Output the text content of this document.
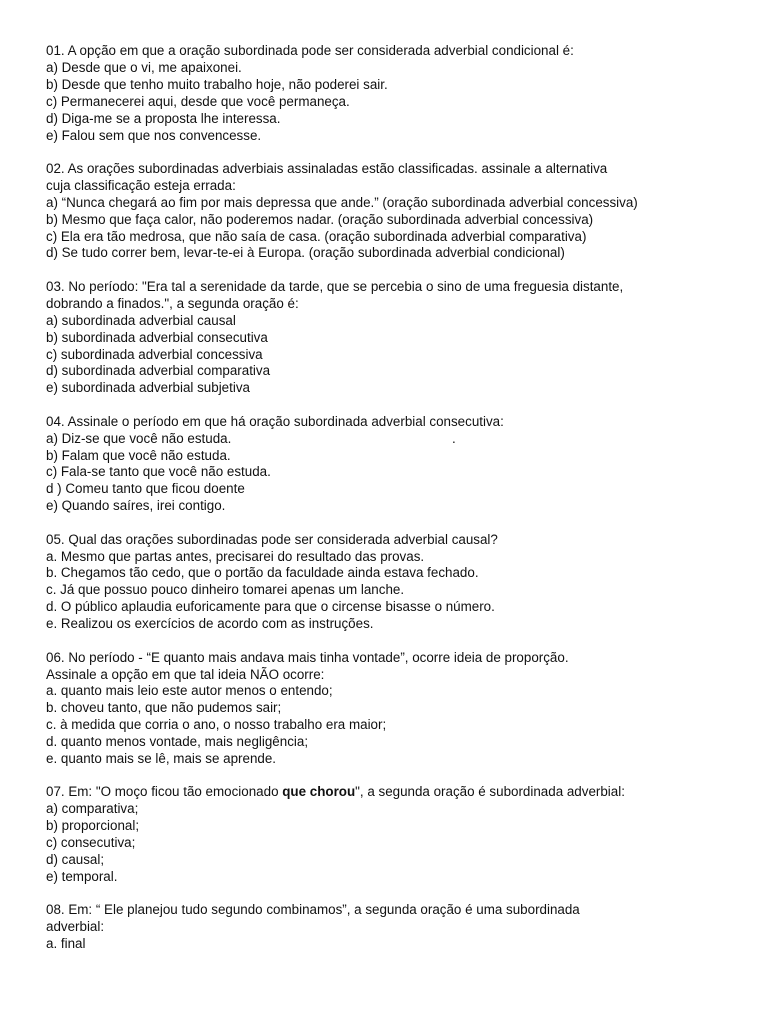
01. A opção em que a oração subordinada pode ser considerada adverbial condicional é:
a) Desde que o vi, me apaixonei.
b) Desde que tenho muito trabalho hoje, não poderei sair.
c) Permanecerei aqui, desde que você permaneça.
d) Diga-me se a proposta lhe interessa.
e) Falou sem que nos convencesse.
02. As orações subordinadas adverbiais assinaladas estão classificadas. assinale a alternativa
cuja classificação esteja errada:
a) “Nunca chegará ao fim por mais depressa que ande.” (oração subordinada adverbial concessiva)
b) Mesmo que faça calor, não poderemos nadar. (oração subordinada adverbial concessiva)
c) Ela era tão medrosa, que não saía de casa. (oração subordinada adverbial comparativa)
d) Se tudo correr bem, levar-te-ei à Europa. (oração subordinada adverbial condicional)
03. No período: "Era tal a serenidade da tarde, que se percebia o sino de uma freguesia distante,
dobrando a finados.", a segunda oração é:
a) subordinada adverbial causal
b) subordinada adverbial consecutiva
c) subordinada adverbial concessiva
d) subordinada adverbial comparativa
e) subordinada adverbial subjetiva
04. Assinale o período em que há oração subordinada adverbial consecutiva:
a) Diz-se que você não estuda.	.
b) Falam que você não estuda.
c) Fala-se tanto que você não estuda.
d ) Comeu tanto que ficou doente
e) Quando saíres, irei contigo.
05. Qual das orações subordinadas pode ser considerada adverbial causal?
a. Mesmo que partas antes, precisarei do resultado das provas.
b. Chegamos tão cedo, que o portão da faculdade ainda estava fechado.
c. Já que possuo pouco dinheiro tomarei apenas um lanche.
d. O público aplaudia euforicamente para que o circense bisasse o número.
e. Realizou os exercícios de acordo com as instruções.
06. No período - “E quanto mais andava mais tinha vontade”, ocorre ideia de proporção.
Assinale a opção em que tal ideia NÃO ocorre:
a. quanto mais leio este autor menos o entendo;
b. choveu tanto, que não pudemos sair;
c. à medida que corria o ano, o nosso trabalho era maior;
d. quanto menos vontade, mais negligência;
e. quanto mais se lê, mais se aprende.
07. Em: "O moço ficou tão emocionado que chorou", a segunda oração é subordinada adverbial:
a) comparativa;
b) proporcional;
c) consecutiva;
d) causal;
e) temporal.
08. Em: “ Ele planejou tudo segundo combinamos”, a segunda oração é uma subordinada
adverbial:
a. final
